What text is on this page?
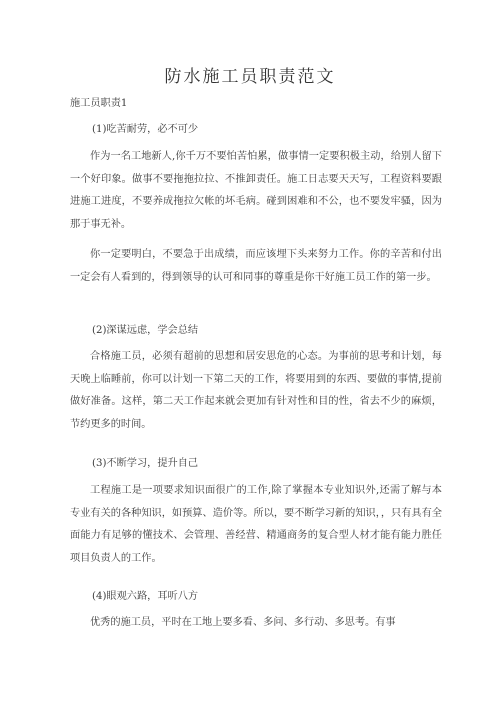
防水施工员职责范文
施工员职责1
(1)吃苦耐劳，必不可少
作为一名工地新人,你千万不要怕苦怕累，做事情一定要积极主动，给别人留下一个好印象。做事不要拖拖拉拉、不推卸责任。施工日志要天天写，工程资料要跟进施工进度，不要养成拖拉欠帐的坏毛病。碰到困难和不公，也不要发牢骚，因为那于事无补。
你一定要明白，不要急于出成绩，而应该埋下头来努力工作。你的辛苦和付出一定会有人看到的，得到领导的认可和同事的尊重是你干好施工员工作的第一步。
(2)深谋远虑，学会总结
合格施工员，必须有超前的思想和居安思危的心态。为事前的思考和计划，每天晚上临睡前，你可以计划一下第二天的工作，将要用到的东西、要做的事情,提前做好准备。这样，第二天工作起来就会更加有针对性和目的性，省去不少的麻烦，节约更多的时间。
(3)不断学习，提升自己
工程施工是一项要求知识面很广的工作,除了掌握本专业知识外,还需了解与本专业有关的各种知识，如预算、造价等。所以，要不断学习新的知识，，只有具有全面能力有足够的懂技术、会管理、善经营、精通商务的复合型人材才能有能力胜任项目负责人的工作。
(4)眼观六路，耳听八方
优秀的施工员，平时在工地上要多看、多问、多行动、多思考。有事
